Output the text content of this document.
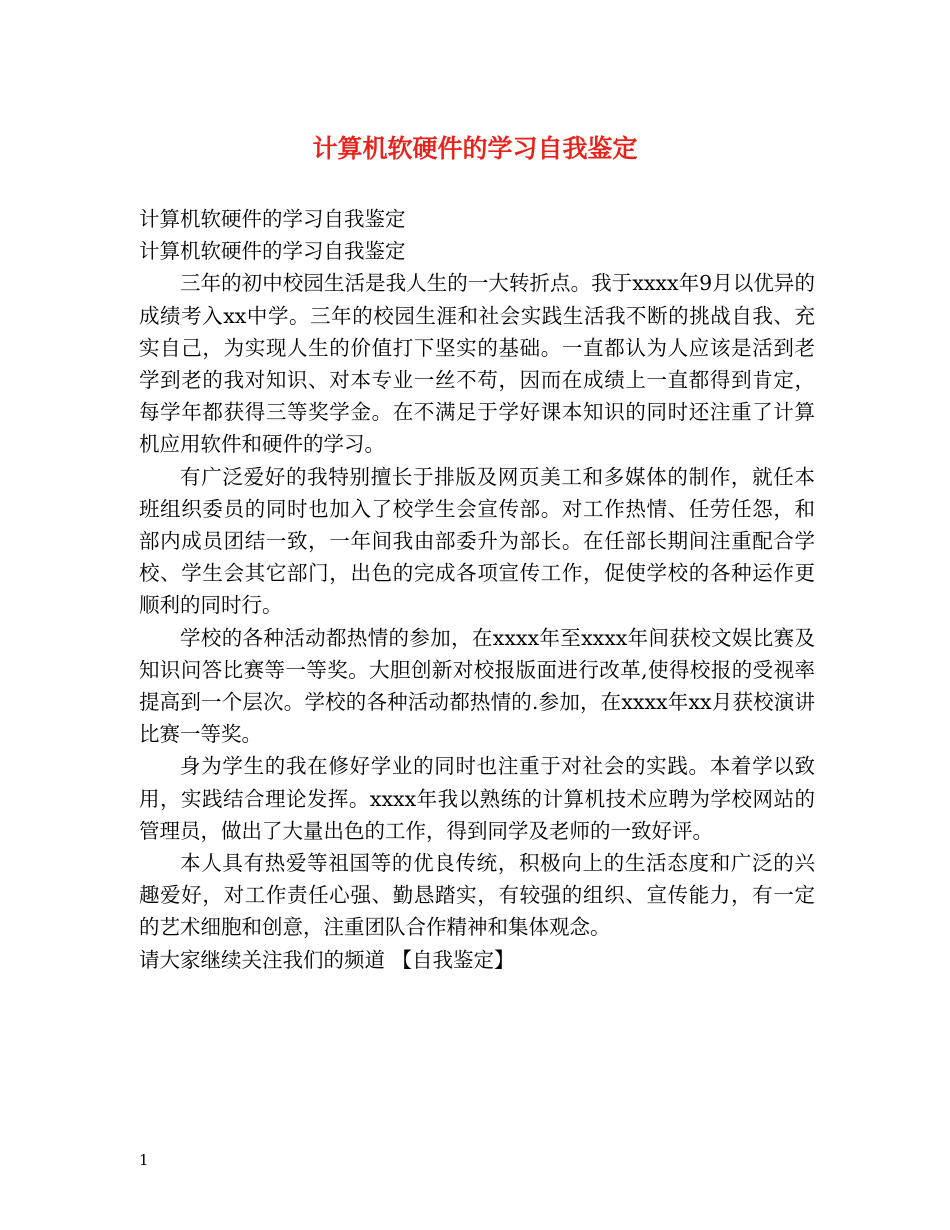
计算机软硬件的学习自我鉴定

计算机软硬件的学习自我鉴定

计算机软硬件的学习自我鉴定

三年的初中校园生活是我人生的一大转折点。我于xxxx年9月以优异的成绩考入xx中学。三年的校园生涯和社会实践生活我不断的挑战自我、充实自己，为实现人生的价值打下坚实的基础。一直都认为人应该是活到老学到老的我对知识、对本专业一丝不苟，因而在成绩上一直都得到肯定，每学年都获得三等奖学金。在不满足于学好课本知识的同时还注重了计算机应用软件和硬件的学习。

有广泛爱好的我特别擅长于排版及网页美工和多媒体的制作，就任本班组织委员的同时也加入了校学生会宣传部。对工作热情、任劳任怨，和部内成员团结一致，一年间我由部委升为部长。在任部长期间注重配合学校、学生会其它部门，出色的完成各项宣传工作，促使学校的各种运作更顺利的同时行。

学校的各种活动都热情的参加，在xxxx年至xxxx年间获校文娱比赛及知识问答比赛等一等奖。大胆创新对校报版面进行改革,使得校报的受视率提高到一个层次。学校的各种活动都热情的.参加，在xxxx年xx月获校演讲比赛一等奖。

身为学生的我在修好学业的同时也注重于对社会的实践。本着学以致用，实践结合理论发挥。xxxx年我以熟练的计算机技术应聘为学校网站的管理员，做出了大量出色的工作，得到同学及老师的一致好评。

本人具有热爱等祖国等的优良传统，积极向上的生活态度和广泛的兴趣爱好，对工作责任心强、勤恳踏实，有较强的组织、宣传能力，有一定的艺术细胞和创意，注重团队合作精神和集体观念。

请大家继续关注我们的频道 【自我鉴定】

1
